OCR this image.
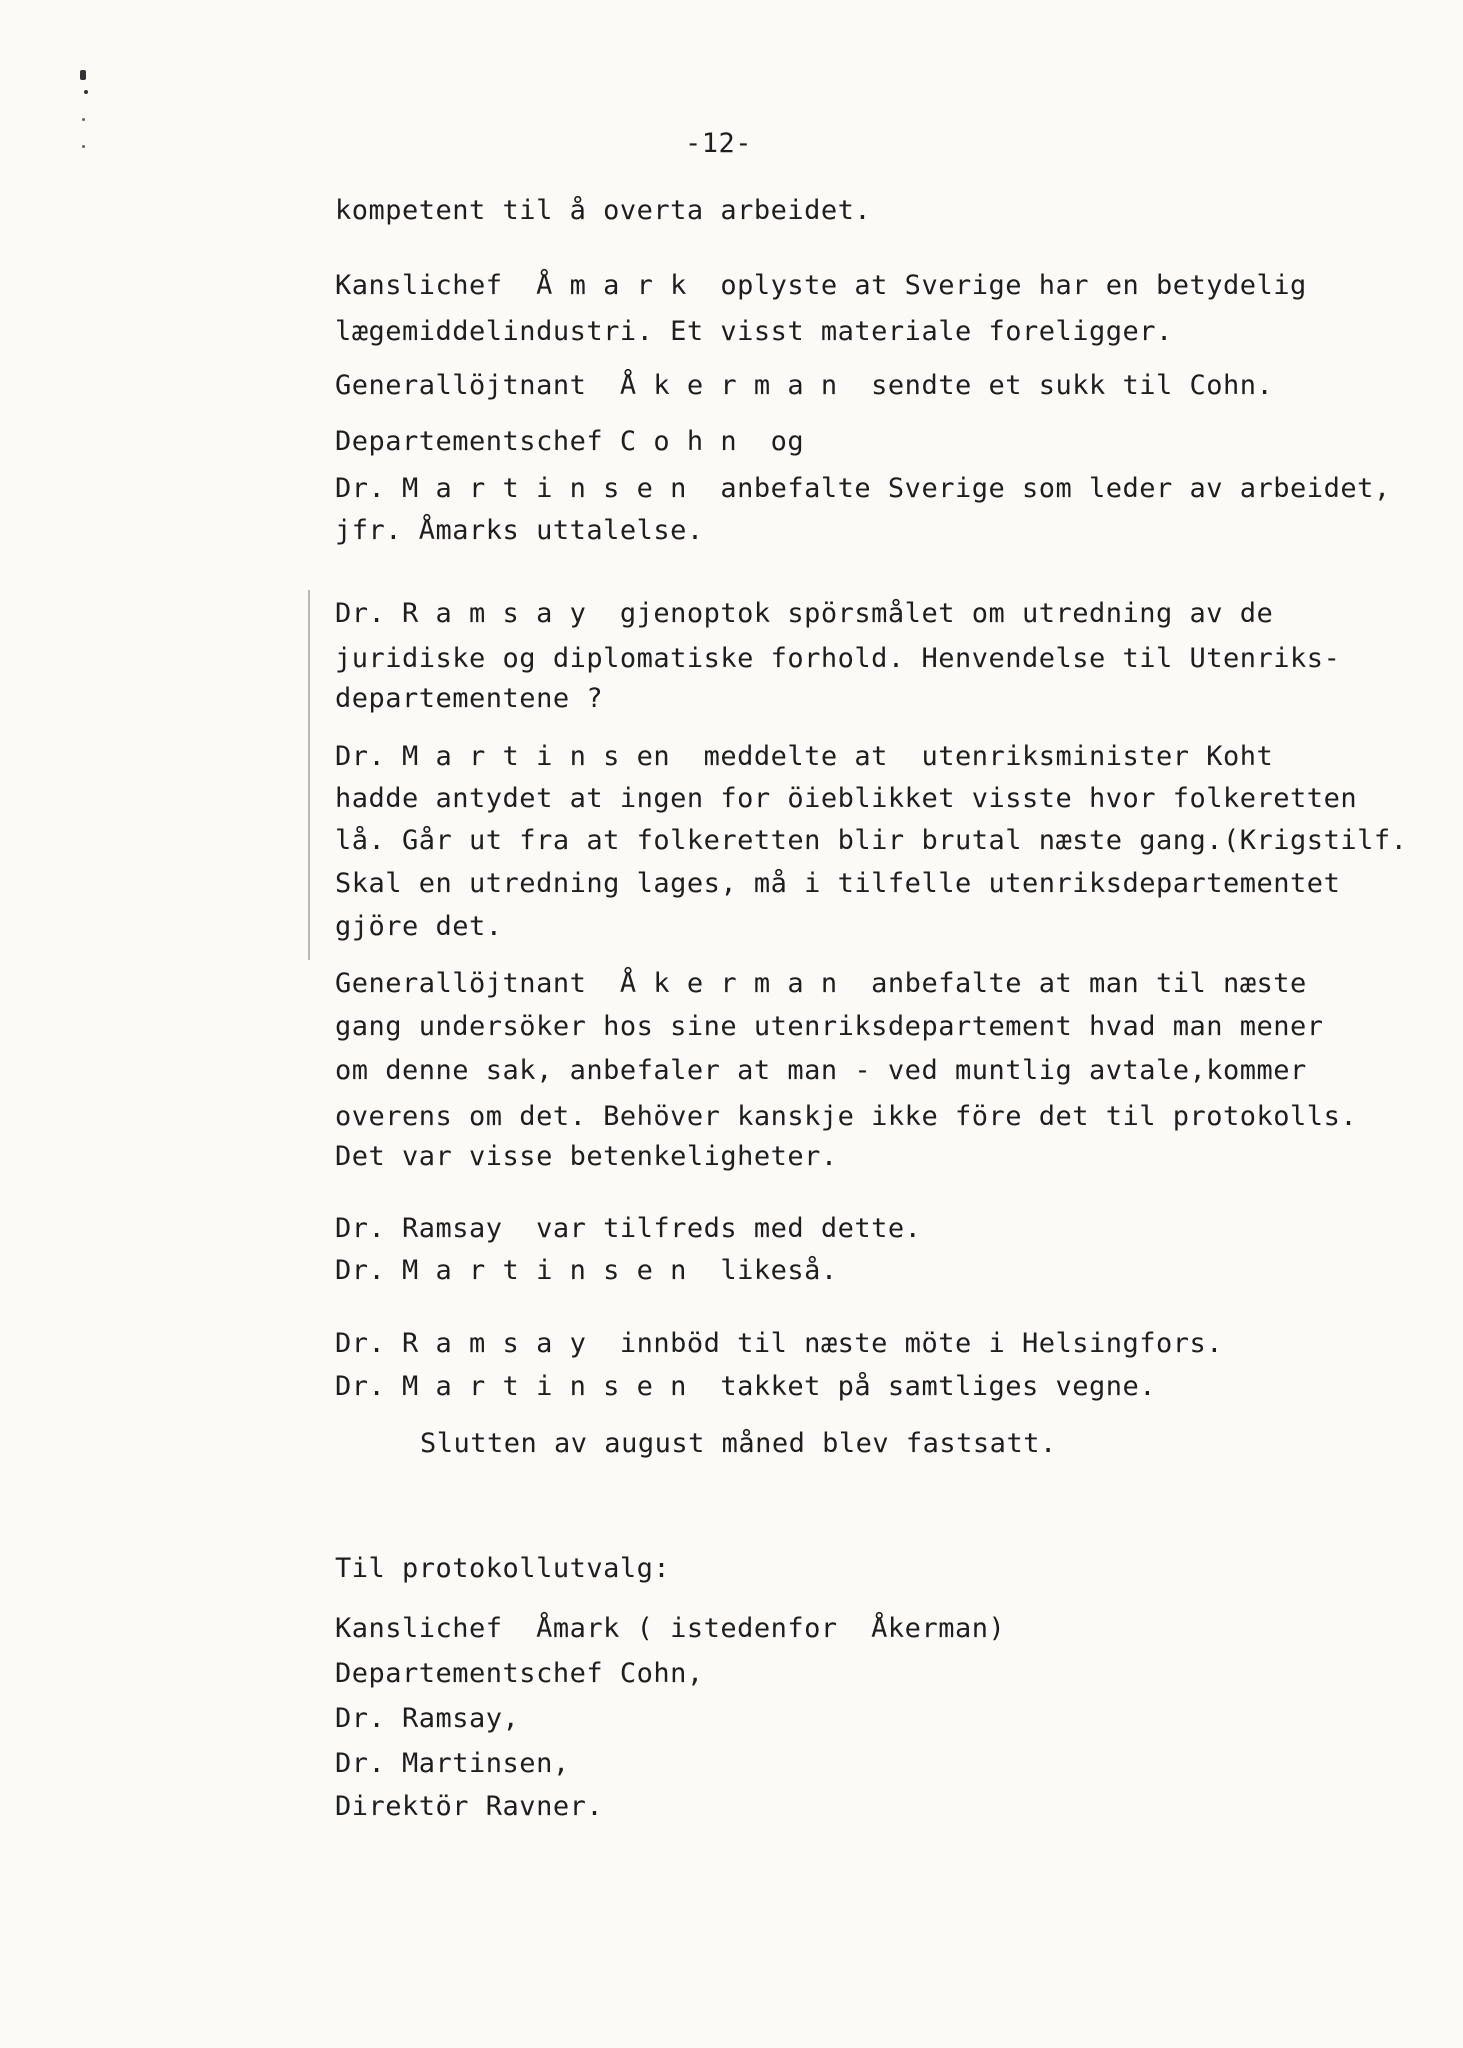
-12-
kompetent til å overta arbeidet.
Kanslichef  Å m a r k  oplyste at Sverige har en betydelig
lægemiddelindustri. Et visst materiale foreligger.
Generallöjtnant  Å k e r m a n  sendte et sukk til Cohn.
Departementschef C o h n  og
Dr. M a r t i n s e n  anbefalte Sverige som leder av arbeidet,
jfr. Åmarks uttalelse.
Dr. R a m s a y  gjenoptok spörsmålet om utredning av de
juridiske og diplomatiske forhold. Henvendelse til Utenriks-
departementene ?
Dr. M a r t i n s en  meddelte at  utenriksminister Koht
hadde antydet at ingen for öieblikket visste hvor folkeretten
lå. Går ut fra at folkeretten blir brutal næste gang.(Krigstilf.
Skal en utredning lages, må i tilfelle utenriksdepartementet
gjöre det.
Generallöjtnant  Å k e r m a n  anbefalte at man til næste
gang undersöker hos sine utenriksdepartement hvad man mener
om denne sak, anbefaler at man - ved muntlig avtale,kommer
overens om det. Behöver kanskje ikke före det til protokolls.
Det var visse betenkeligheter.
Dr. Ramsay  var tilfreds med dette.
Dr. M a r t i n s e n  likeså.
Dr. R a m s a y  innböd til næste möte i Helsingfors.
Dr. M a r t i n s e n  takket på samtliges vegne.
Slutten av august måned blev fastsatt.
Til protokollutvalg:
Kanslichef  Åmark ( istedenfor  Åkerman)
Departementschef Cohn,
Dr. Ramsay,
Dr. Martinsen,
Direktör Ravner.
